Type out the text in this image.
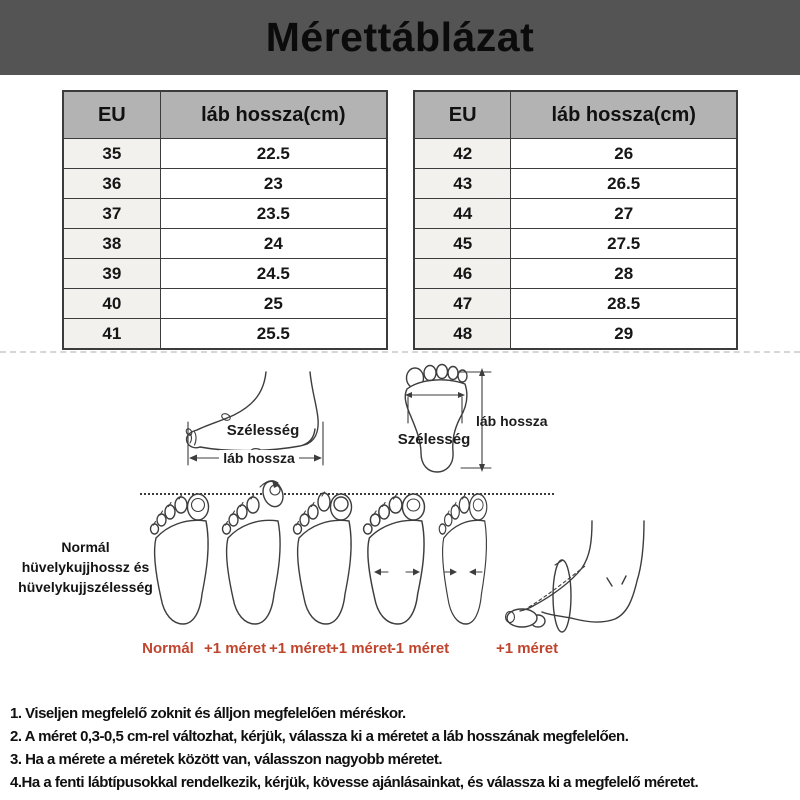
Mérettáblázat
EU	láb hossza(cm)
35	22.5
36	23
37	23.5
38	24
39	24.5
40	25
41	25.5
EU	láb hossza(cm)
42	26
43	26.5
44	27
45	27.5
46	28
47	28.5
48	29
Szélesség
láb hossza
Szélesség
láb hossza
Normál
hüvelykujjhossz és
hüvelykujjszélesség
Normál +1 méret +1 méret
+1 méret
-1 méret	+1 méret

1. Viseljen megfelelő zoknit és álljon megfelelően méréskor.

2. A méret 0,3-0,5 cm-rel változhat, kérjük, válassza ki a méretet a láb hosszának megfelelően.

3. Ha a mérete a méretek között van, válasszon nagyobb méretet.

4.Ha a fenti lábtípusokkal rendelkezik, kérjük, kövesse ajánlásainkat, és válassza ki a megfelelő méretet.
